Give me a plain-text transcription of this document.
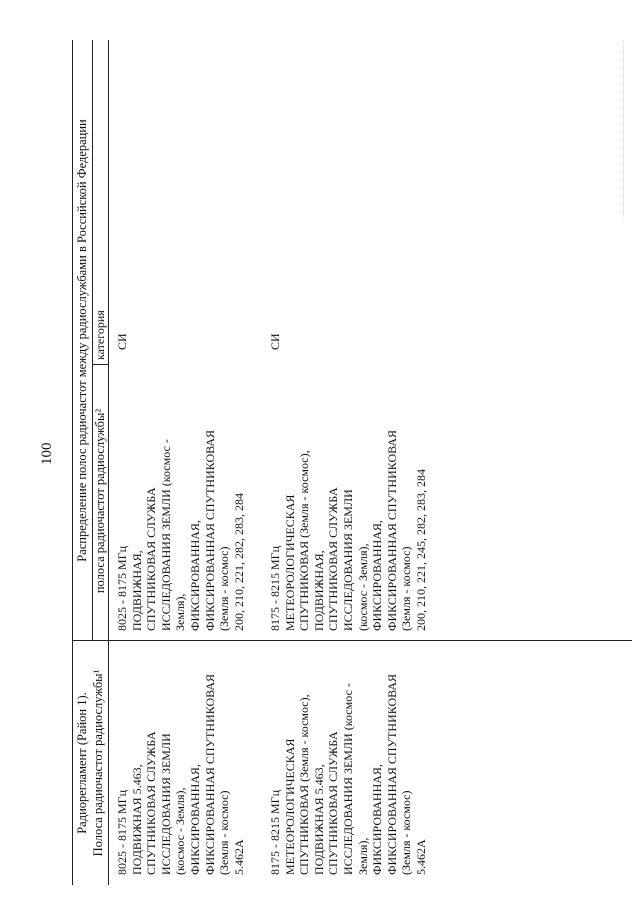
100
Радиорегламент (Район 1). Полоса радиочастот радиослужбы¹
Распределение полос радиочастот между радиослужбами в Российской Федерации полоса радиочастот радиослужбы²
категория
8025 - 8175 МГц
ПОДВИЖНАЯ 5.463,
СПУТНИКОВАЯ СЛУЖБА
ИССЛЕДОВАНИЯ ЗЕМЛИ
(космос - Земля),
ФИКСИРОВАННАЯ,
ФИКСИРОВАННАЯ СПУТНИКОВАЯ
(Земля - космос)
5.462А
8025 - 8175 МГц
ПОДВИЖНАЯ,
СПУТНИКОВАЯ СЛУЖБА
ИССЛЕДОВАНИЯ ЗЕМЛИ (космос -
Земля),
ФИКСИРОВАННАЯ,
ФИКСИРОВАННАЯ СПУТНИКОВАЯ
(Земля - космос)
200, 210, 221, 282, 283, 284
СИ
8175 - 8215 МГц
МЕТЕОРОЛОГИЧЕСКАЯ
СПУТНИКОВАЯ (Земля - космос),
ПОДВИЖНАЯ 5.463,
СПУТНИКОВАЯ СЛУЖБА
ИССЛЕДОВАНИЯ ЗЕМЛИ (космос -
Земля),
ФИКСИРОВАННАЯ,
ФИКСИРОВАННАЯ СПУТНИКОВАЯ
(Земля - космос)
5.462А
8175 - 8215 МГц
МЕТЕОРОЛОГИЧЕСКАЯ
СПУТНИКОВАЯ (Земля - космос),
ПОДВИЖНАЯ,
СПУТНИКОВАЯ СЛУЖБА
ИССЛЕДОВАНИЯ ЗЕМЛИ
(космос - Земля),
ФИКСИРОВАННАЯ,
ФИКСИРОВАННАЯ СПУТНИКОВАЯ
(Земля - космос)
200, 210, 221, 245, 282, 283, 284
СИ
